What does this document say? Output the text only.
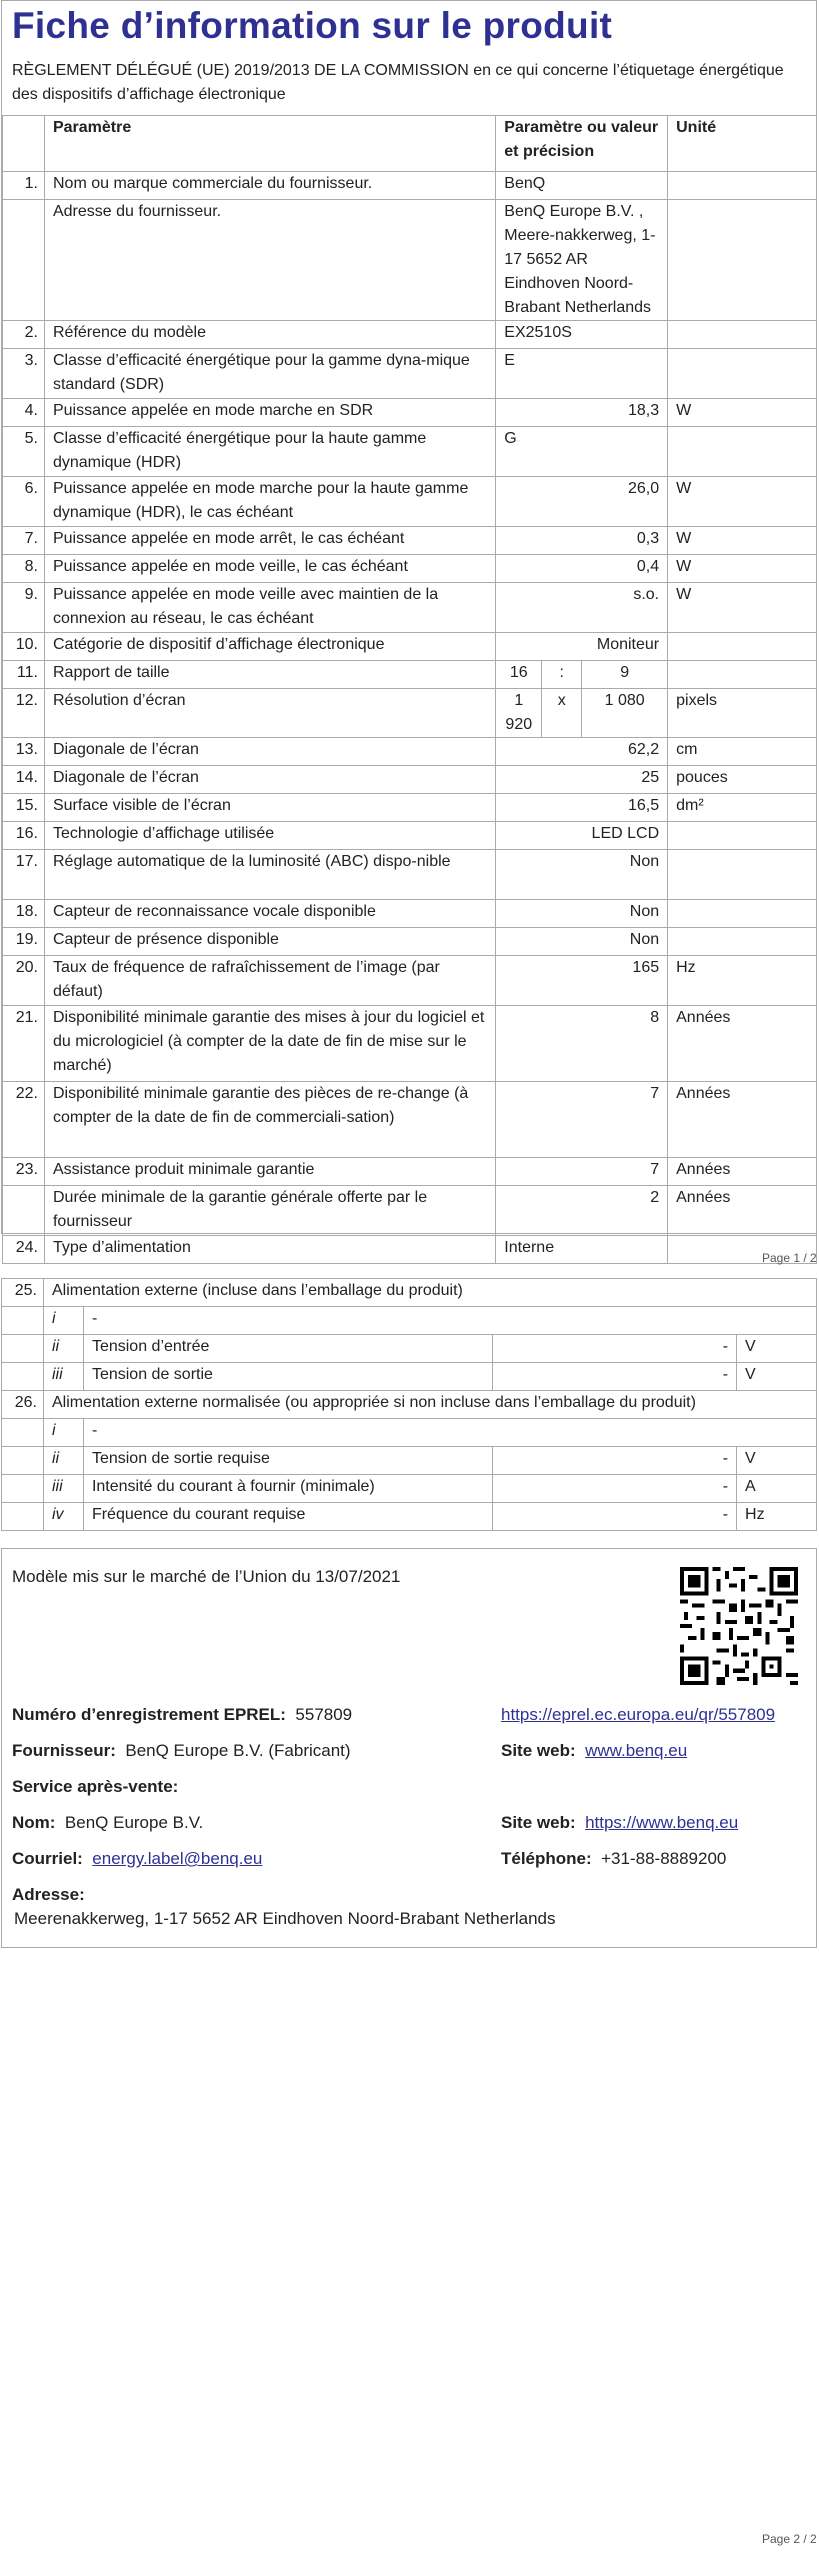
Fiche d’information sur le produit
RÈGLEMENT DÉLÉGUÉ (UE) 2019/2013 DE LA COMMISSION en ce qui concerne l’étiquetage énergétique des dispositifs d’affichage électronique
	Paramètre	Paramètre ou valeur et précision			Unité
1.	Nom ou marque commerciale du fournisseur.	BenQ			
	Adresse du fournisseur.	BenQ Europe B.V. , Meere-nakkerweg, 1-17 5652 AR Eindhoven Noord-Brabant Netherlands			
2.	Référence du modèle	EX2510S			
3.	Classe d’efficacité énergétique pour la gamme dyna-mique standard (SDR)	E			
4.	Puissance appelée en mode marche en SDR	18,3			W
5.	Classe d’efficacité énergétique pour la haute gamme dynamique (HDR)	G			
6.	Puissance appelée en mode marche pour la haute gamme dynamique (HDR), le cas échéant	26,0			W
7.	Puissance appelée en mode arrêt, le cas échéant	0,3			W
8.	Puissance appelée en mode veille, le cas échéant	0,4			W
9.	Puissance appelée en mode veille avec maintien de la connexion au réseau, le cas échéant	s.o.			W
10.	Catégorie de dispositif d’affichage électronique	Moniteur			
11.	Rapport de taille	16	:	9	
12.	Résolution d’écran	1 920	x	1 080	pixels
13.	Diagonale de l’écran	62,2			cm
14.	Diagonale de l’écran	25			pouces
15.	Surface visible de l’écran	16,5			dm²
16.	Technologie d’affichage utilisée	LED LCD			
17.	Réglage automatique de la luminosité (ABC) dispo-nible	Non			
18.	Capteur de reconnaissance vocale disponible	Non			
19.	Capteur de présence disponible	Non			
20.	Taux de fréquence de rafraîchissement de l’image (par défaut)	165			Hz
21.	Disponibilité minimale garantie des mises à jour du logiciel et du micrologiciel (à compter de la date de fin de mise sur le marché)	8			Années
22.	Disponibilité minimale garantie des pièces de re-change (à compter de la date de fin de commerciali-sation)	7			Années
23.	Assistance produit minimale garantie	7			Années
	Durée minimale de la garantie générale offerte par le fournisseur	2			Années
24.	Type d’alimentation	Interne			
Page 1 / 2
25.	Alimentation externe (incluse dans l’emballage du produit)			
	i	-		
	ii	Tension d’entrée	-	V
	iii	Tension de sortie	-	V
26.	Alimentation externe normalisée (ou appropriée si non incluse dans l’emballage du produit)			
	i	-		
	ii	Tension de sortie requise	-	V
	iii	Intensité du courant à fournir (minimale)	-	A
	iv	Fréquence du courant requise	-	Hz
Modèle mis sur le marché de l’Union du 13/07/2021
Numéro d’enregistrement EPREL: 557809	https://eprel.ec.europa.eu/qr/557809
Fournisseur: BenQ Europe B.V. (Fabricant)	Site web: www.benq.eu
Service après-vente:
Nom: BenQ Europe B.V.	Site web: https://www.benq.eu
Courriel: energy.label@benq.eu	Téléphone: +31-88-8889200
Adresse:
Meerenakkerweg, 1-17 5652 AR Eindhoven Noord-Brabant Netherlands
Page 2 / 2
